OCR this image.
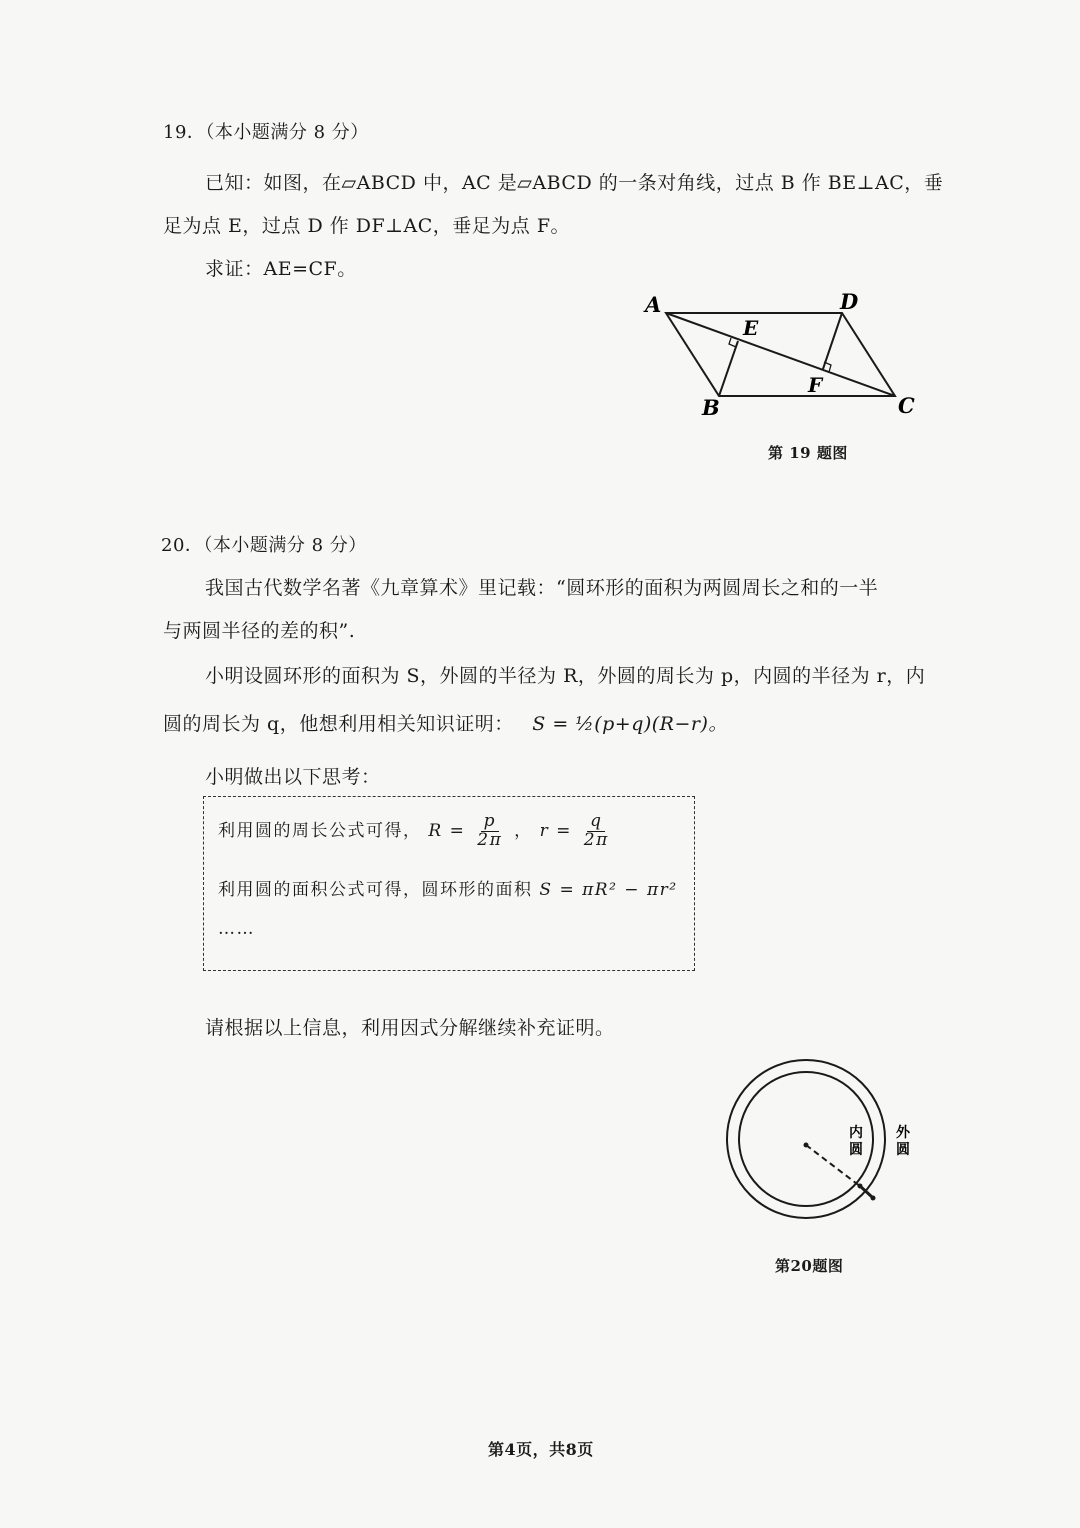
19．（本小题满分 8 分）
已知：如图，在▱ABCD 中，AC 是▱ABCD 的一条对角线，过点 B 作 BE⊥AC，垂
足为点 E，过点 D 作 DF⊥AC，垂足为点 F。
求证：AE=CF。
A	D
E
F
B	C
第 19 题图
20．（本小题满分 8 分）
我国古代数学名著《九章算术》里记载：“圆环形的面积为两圆周长之和的一半
与两圆半径的差的积”.
小明设圆环形的面积为 S，外圆的半径为 R，外圆的周长为 p，内圆的半径为 r，内
圆的周长为 q，他想利用相关知识证明： S = ½(p+q)(R−r)。
小明做出以下思考：
利用圆的周长公式可得， $R = \frac{p}{2\pi}$ ， $r = \frac{q}{2\pi}$
利用圆的面积公式可得，圆环形的面积 S = πR² − πr²
……
请根据以上信息，利用因式分解继续补充证明。
内圆
外圆
第20题图
第4页，共8页
